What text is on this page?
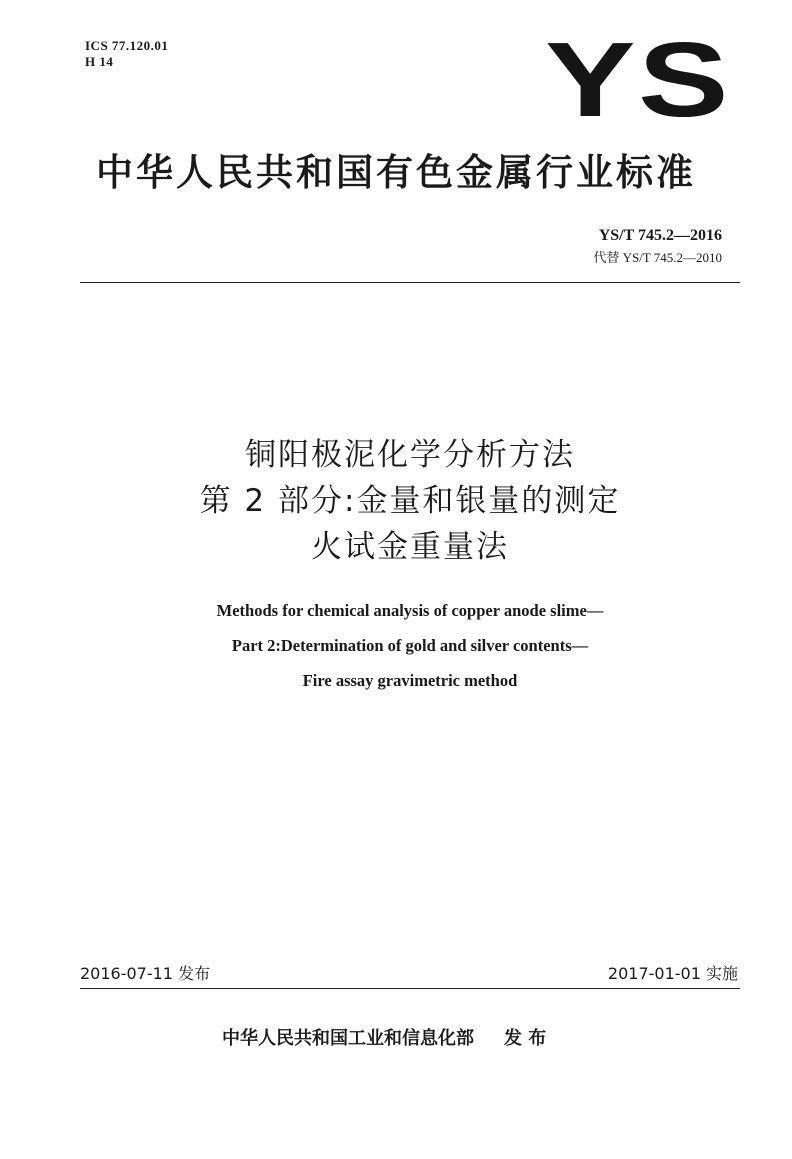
ICS 77.120.01
H 14	YS
中华人民共和国有色金属行业标准
YS/T 745.2—2016
代替 YS/T 745.2—2010
铜阳极泥化学分析方法
第 2 部分:金量和银量的测定
火试金重量法
Methods for chemical analysis of copper anode slime—
Part 2:Determination of gold and silver contents—
Fire assay gravimetric method
2016-07-11 发布	2017-01-01 实施
中华人民共和国工业和信息化部 发 布
